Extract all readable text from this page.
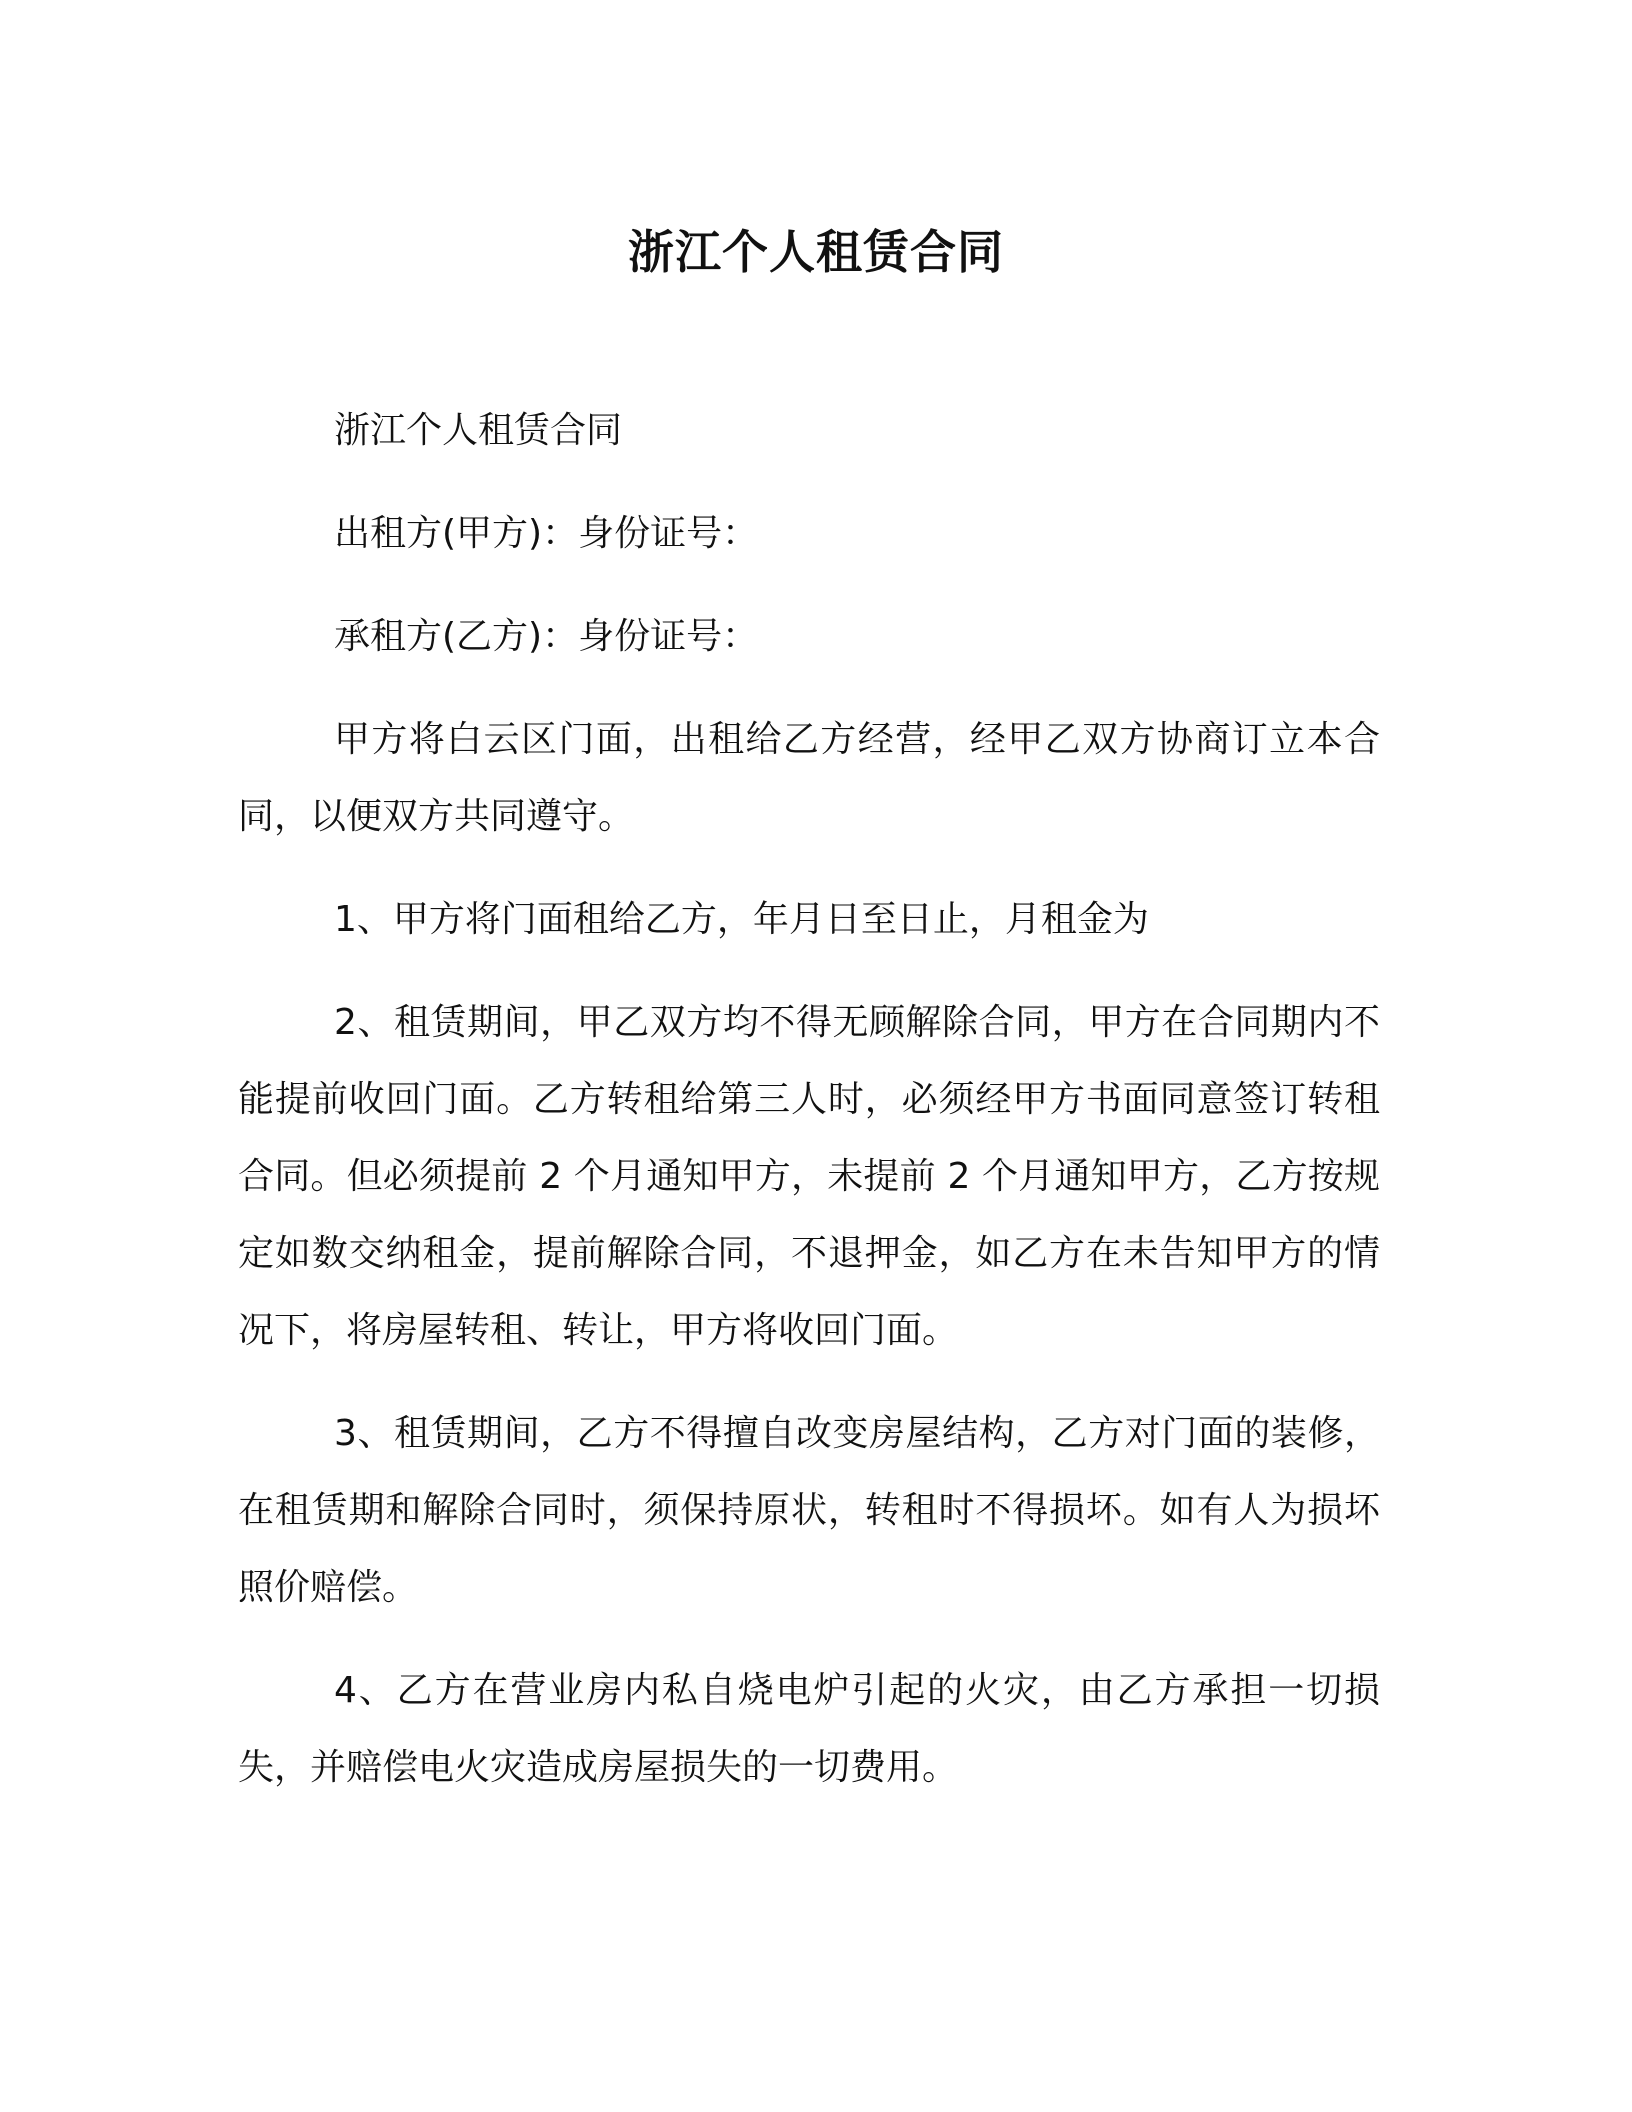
浙江个人租赁合同

浙江个人租赁合同

出租方(甲方)：身份证号：

承租方(乙方)：身份证号：

甲方将白云区门面，出租给乙方经营，经甲乙双方协商订立本合同，以便双方共同遵守。

1、甲方将门面租给乙方，年月日至日止，月租金为

2、租赁期间，甲乙双方均不得无顾解除合同，甲方在合同期内不能提前收回门面。乙方转租给第三人时，必须经甲方书面同意签订转租合同。但必须提前 2 个月通知甲方，未提前 2 个月通知甲方，乙方按规定如数交纳租金，提前解除合同，不退押金，如乙方在未告知甲方的情况下，将房屋转租、转让，甲方将收回门面。

3、租赁期间，乙方不得擅自改变房屋结构，乙方对门面的装修，在租赁期和解除合同时，须保持原状，转租时不得损坏。如有人为损坏照价赔偿。

4、乙方在营业房内私自烧电炉引起的火灾，由乙方承担一切损失，并赔偿电火灾造成房屋损失的一切费用。
